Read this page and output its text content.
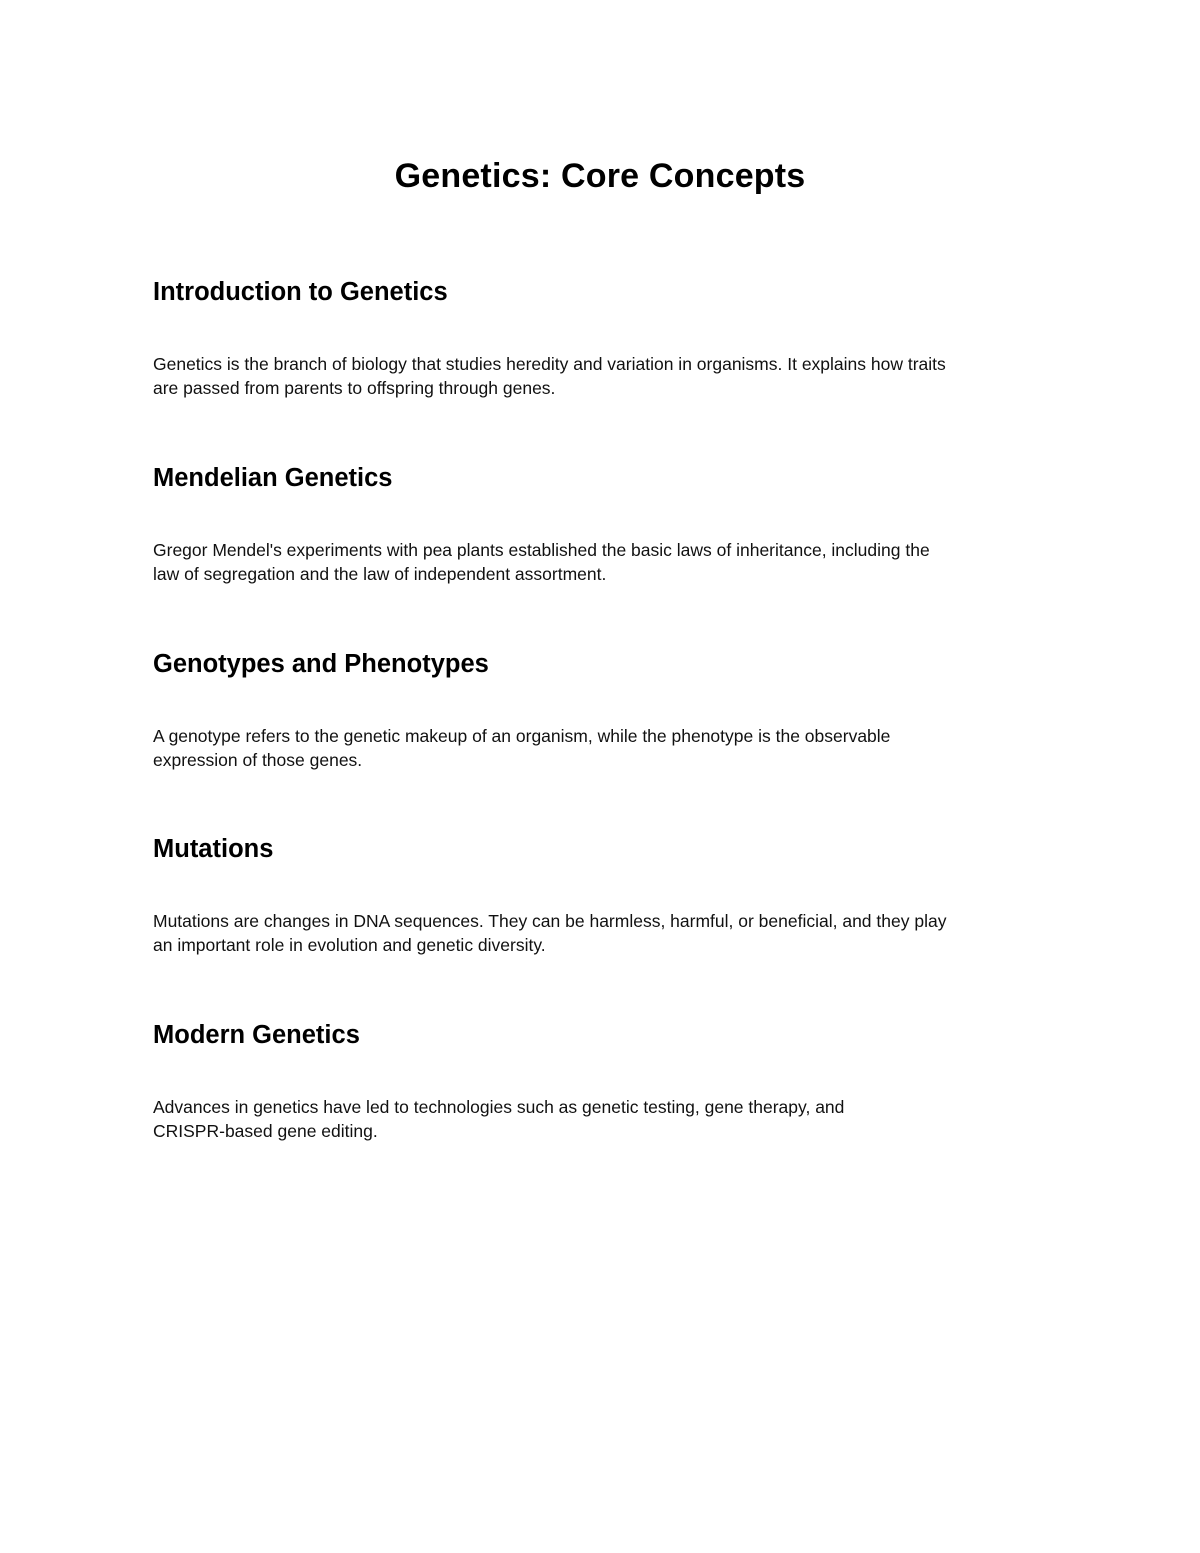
Genetics: Core Concepts
Introduction to Genetics

Genetics is the branch of biology that studies heredity and variation in organisms. It explains how traits
are passed from parents to offspring through genes.

Mendelian Genetics

Gregor Mendel's experiments with pea plants established the basic laws of inheritance, including the
law of segregation and the law of independent assortment.

Genotypes and Phenotypes

A genotype refers to the genetic makeup of an organism, while the phenotype is the observable
expression of those genes.

Mutations

Mutations are changes in DNA sequences. They can be harmless, harmful, or beneficial, and they play
an important role in evolution and genetic diversity.

Modern Genetics

Advances in genetics have led to technologies such as genetic testing, gene therapy, and
CRISPR-based gene editing.
